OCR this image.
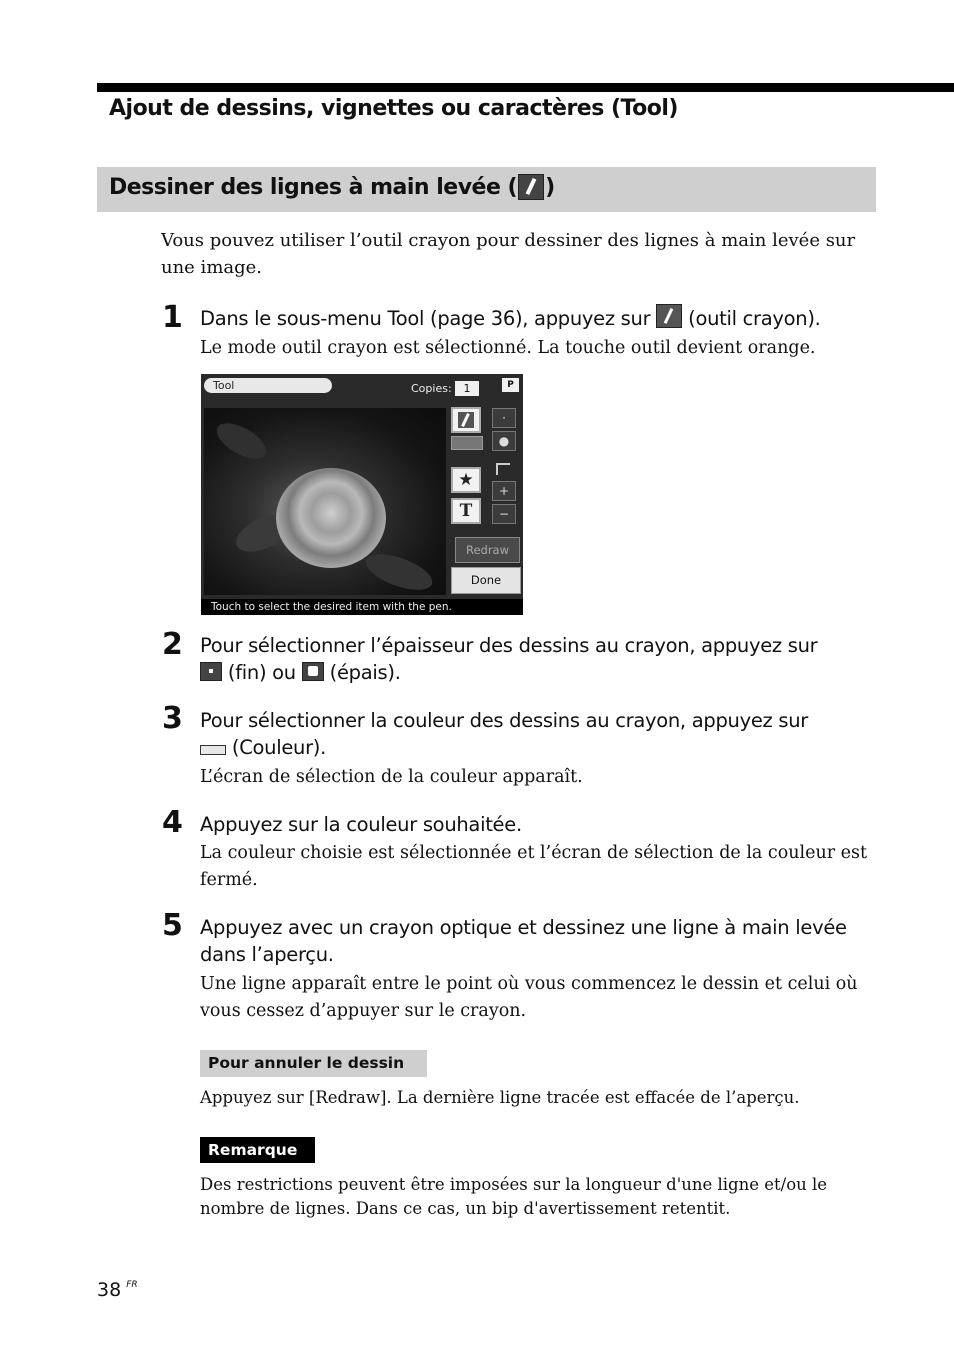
Ajout de dessins, vignettes ou caractères (Tool)
Dessiner des lignes à main levée ( )
Vous pouvez utiliser l’outil crayon pour dessiner des lignes à main levée sur une image.
1 Dans le sous-menu Tool (page 36), appuyez sur (outil crayon).
Le mode outil crayon est sélectionné. La touche outil devient orange.
Tool	Copies:	1	P
·
●
★
T
+
−
Redraw
Done
Touch to select the desired item with the pen.
2 Pour sélectionner l’épaisseur des dessins au crayon, appuyez sur
(fin) ou (épais).
3 Pour sélectionner la couleur des dessins au crayon, appuyez sur
(Couleur).
L’écran de sélection de la couleur apparaît.
4 Appuyez sur la couleur souhaitée.
La couleur choisie est sélectionnée et l’écran de sélection de la couleur est fermé.
5 Appuyez avec un crayon optique et dessinez une ligne à main levée dans l’aperçu.
Une ligne apparaît entre le point où vous commencez le dessin et celui où vous cessez d’appuyer sur le crayon.
Pour annuler le dessin
Appuyez sur [Redraw]. La dernière ligne tracée est effacée de l’aperçu.
Remarque
Des restrictions peuvent être imposées sur la longueur d'une ligne et/ou le nombre de lignes. Dans ce cas, un bip d'avertissement retentit.
38 $^{FR}$
